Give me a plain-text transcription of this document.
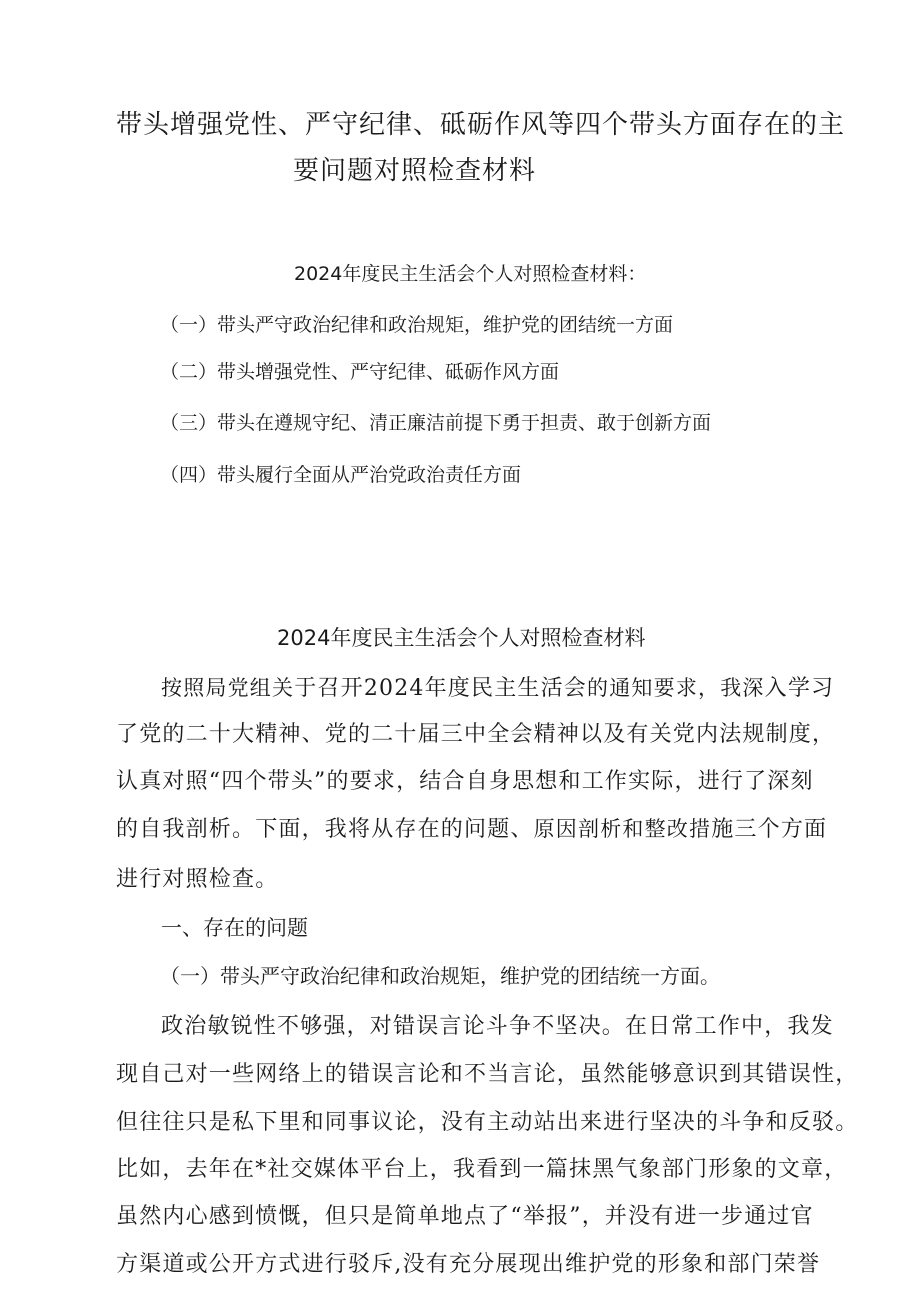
带头增强党性、严守纪律、砥砺作风等四个带头方面存在的主
要问题对照检查材料
2024年度民主生活会个人对照检查材料：
（一）带头严守政治纪律和政治规矩，维护党的团结统一方面
（二）带头增强党性、严守纪律、砥砺作风方面
（三）带头在遵规守纪、清正廉洁前提下勇于担责、敢于创新方面
（四）带头履行全面从严治党政治责任方面
2024年度民主生活会个人对照检查材料
按照局党组关于召开2024年度民主生活会的通知要求，我深入学习
了党的二十大精神、党的二十届三中全会精神以及有关党内法规制度，
认真对照“四个带头”的要求，结合自身思想和工作实际，进行了深刻
的自我剖析。下面，我将从存在的问题、原因剖析和整改措施三个方面
进行对照检查。
一、存在的问题
（一）带头严守政治纪律和政治规矩，维护党的团结统一方面。
政治敏锐性不够强，对错误言论斗争不坚决。在日常工作中，我发
现自己对一些网络上的错误言论和不当言论，虽然能够意识到其错误性，
但往往只是私下里和同事议论，没有主动站出来进行坚决的斗争和反驳。
比如，去年在*社交媒体平台上，我看到一篇抹黑气象部门形象的文章，
虽然内心感到愤慨，但只是简单地点了“举报”，并没有进一步通过官
方渠道或公开方式进行驳斥,没有充分展现出维护党的形象和部门荣誉
